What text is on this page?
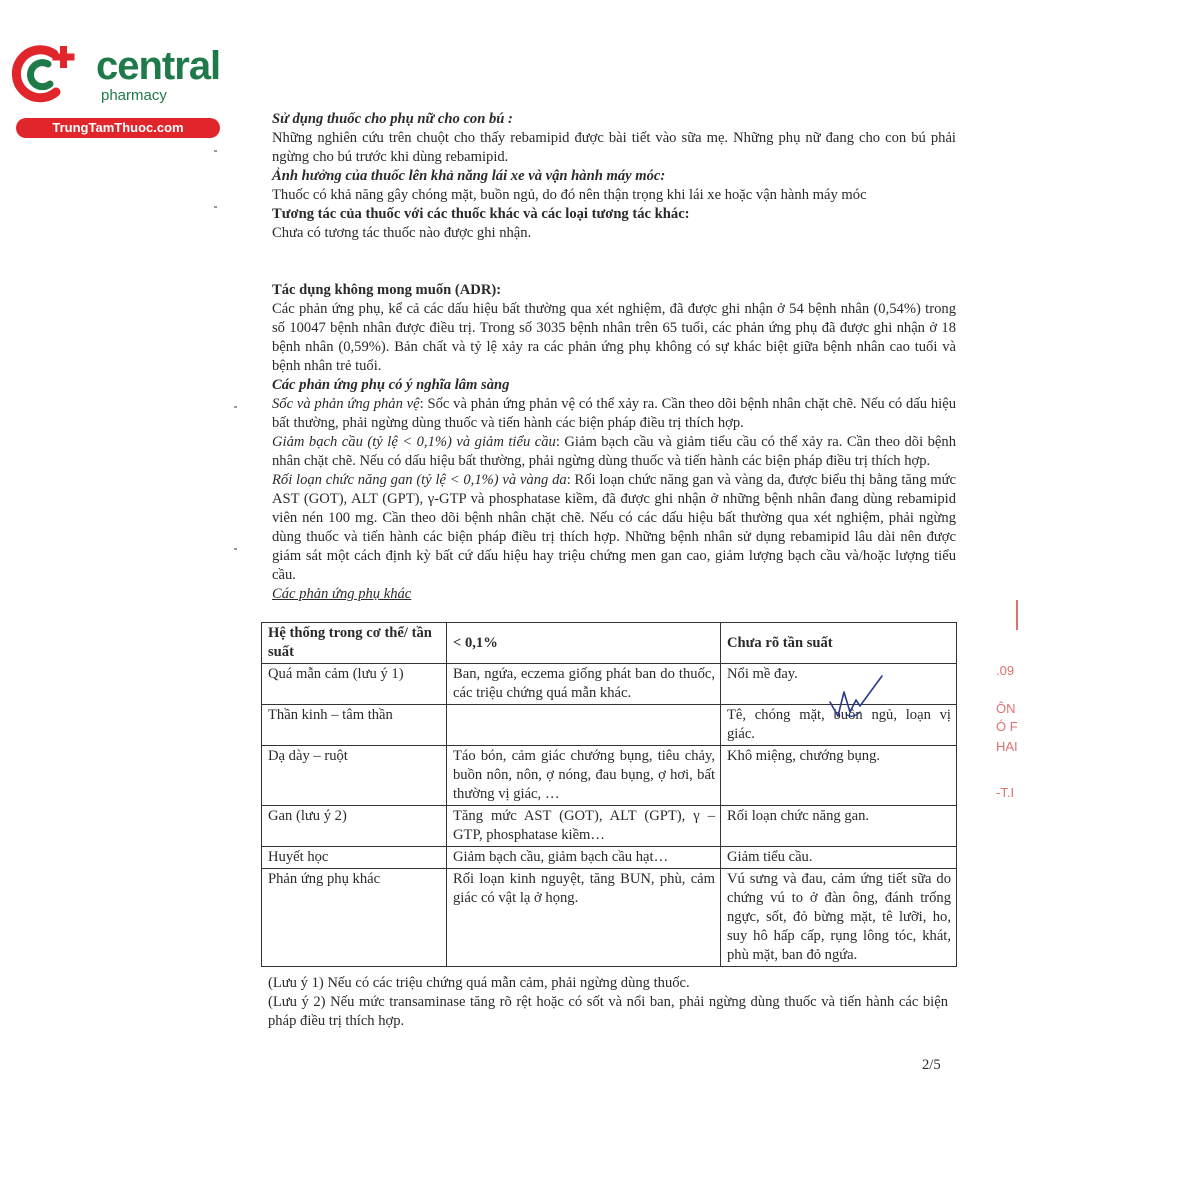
central
pharmacy
TrungTamThuoc.com
.09
ÔN
Ó F
HAI
-T.I

Sử dụng thuốc cho phụ nữ cho con bú :

Những nghiên cứu trên chuột cho thấy rebamipid được bài tiết vào sữa mẹ. Những phụ nữ đang cho con bú phải ngừng cho bú trước khi dùng rebamipid.

Ảnh hưởng của thuốc lên khả năng lái xe và vận hành máy móc:

Thuốc có khả năng gây chóng mặt, buồn ngủ, do đó nên thận trọng khi lái xe hoặc vận hành máy móc

Tương tác của thuốc với các thuốc khác và các loại tương tác khác:

Chưa có tương tác thuốc nào được ghi nhận.

Tác dụng không mong muốn (ADR):

Các phản ứng phụ, kể cả các dấu hiệu bất thường qua xét nghiệm, đã được ghi nhận ở 54 bệnh nhân (0,54%) trong số 10047 bệnh nhân được điều trị. Trong số 3035 bệnh nhân trên 65 tuổi, các phản ứng phụ đã được ghi nhận ở 18 bệnh nhân (0,59%). Bản chất và tỷ lệ xảy ra các phản ứng phụ không có sự khác biệt giữa bệnh nhân cao tuổi và bệnh nhân trẻ tuổi.

Các phản ứng phụ có ý nghĩa lâm sàng

Sốc và phản ứng phản vệ: Sốc và phản ứng phản vệ có thể xảy ra. Cần theo dõi bệnh nhân chặt chẽ. Nếu có dấu hiệu bất thường, phải ngừng dùng thuốc và tiến hành các biện pháp điều trị thích hợp.

Giảm bạch cầu (tỷ lệ < 0,1%) và giảm tiểu cầu: Giảm bạch cầu và giảm tiểu cầu có thể xảy ra. Cần theo dõi bệnh nhân chặt chẽ. Nếu có dấu hiệu bất thường, phải ngừng dùng thuốc và tiến hành các biện pháp điều trị thích hợp.

Rối loạn chức năng gan (tỷ lệ < 0,1%) và vàng da: Rối loạn chức năng gan và vàng da, được biểu thị bằng tăng mức AST (GOT), ALT (GPT), γ-GTP và phosphatase kiềm, đã được ghi nhận ở những bệnh nhân đang dùng rebamipid viên nén 100 mg. Cần theo dõi bệnh nhân chặt chẽ. Nếu có các dấu hiệu bất thường qua xét nghiệm, phải ngừng dùng thuốc và tiến hành các biện pháp điều trị thích hợp. Những bệnh nhân sử dụng rebamipid lâu dài nên được giám sát một cách định kỳ bất cứ dấu hiệu hay triệu chứng men gan cao, giảm lượng bạch cầu và/hoặc lượng tiểu cầu.

Các phản ứng phụ khác

Hệ thống trong cơ thể/ tần suất	< 0,1%	Chưa rõ tần suất
Quá mẫn cảm (lưu ý 1)	Ban, ngứa, eczema giống phát ban do thuốc, các triệu chứng quá mẫn khác.	Nổi mề đay.
Thần kinh – tâm thần		Tê, chóng mặt, buồn ngủ, loạn vị giác.
Dạ dày – ruột	Táo bón, cảm giác chướng bụng, tiêu chảy, buồn nôn, nôn, ợ nóng, đau bụng, ợ hơi, bất thường vị giác, …	Khô miệng, chướng bụng.
Gan (lưu ý 2)	Tăng mức AST (GOT), ALT (GPT), γ – GTP, phosphatase kiềm…	Rối loạn chức năng gan.
Huyết học	Giảm bạch cầu, giảm bạch cầu hạt…	Giảm tiểu cầu.
Phản ứng phụ khác	Rối loạn kinh nguyệt, tăng BUN, phù, cảm giác có vật lạ ở họng.	Vú sưng và đau, cảm ứng tiết sữa do chứng vú to ở đàn ông, đánh trống ngực, sốt, đỏ bừng mặt, tê lưỡi, ho, suy hô hấp cấp, rụng lông tóc, khát, phù mặt, ban đỏ ngứa.

(Lưu ý 1) Nếu có các triệu chứng quá mẫn cảm, phải ngừng dùng thuốc.

(Lưu ý 2) Nếu mức transaminase tăng rõ rệt hoặc có sốt và nổi ban, phải ngừng dùng thuốc và tiến hành các biện pháp điều trị thích hợp.

2/5
